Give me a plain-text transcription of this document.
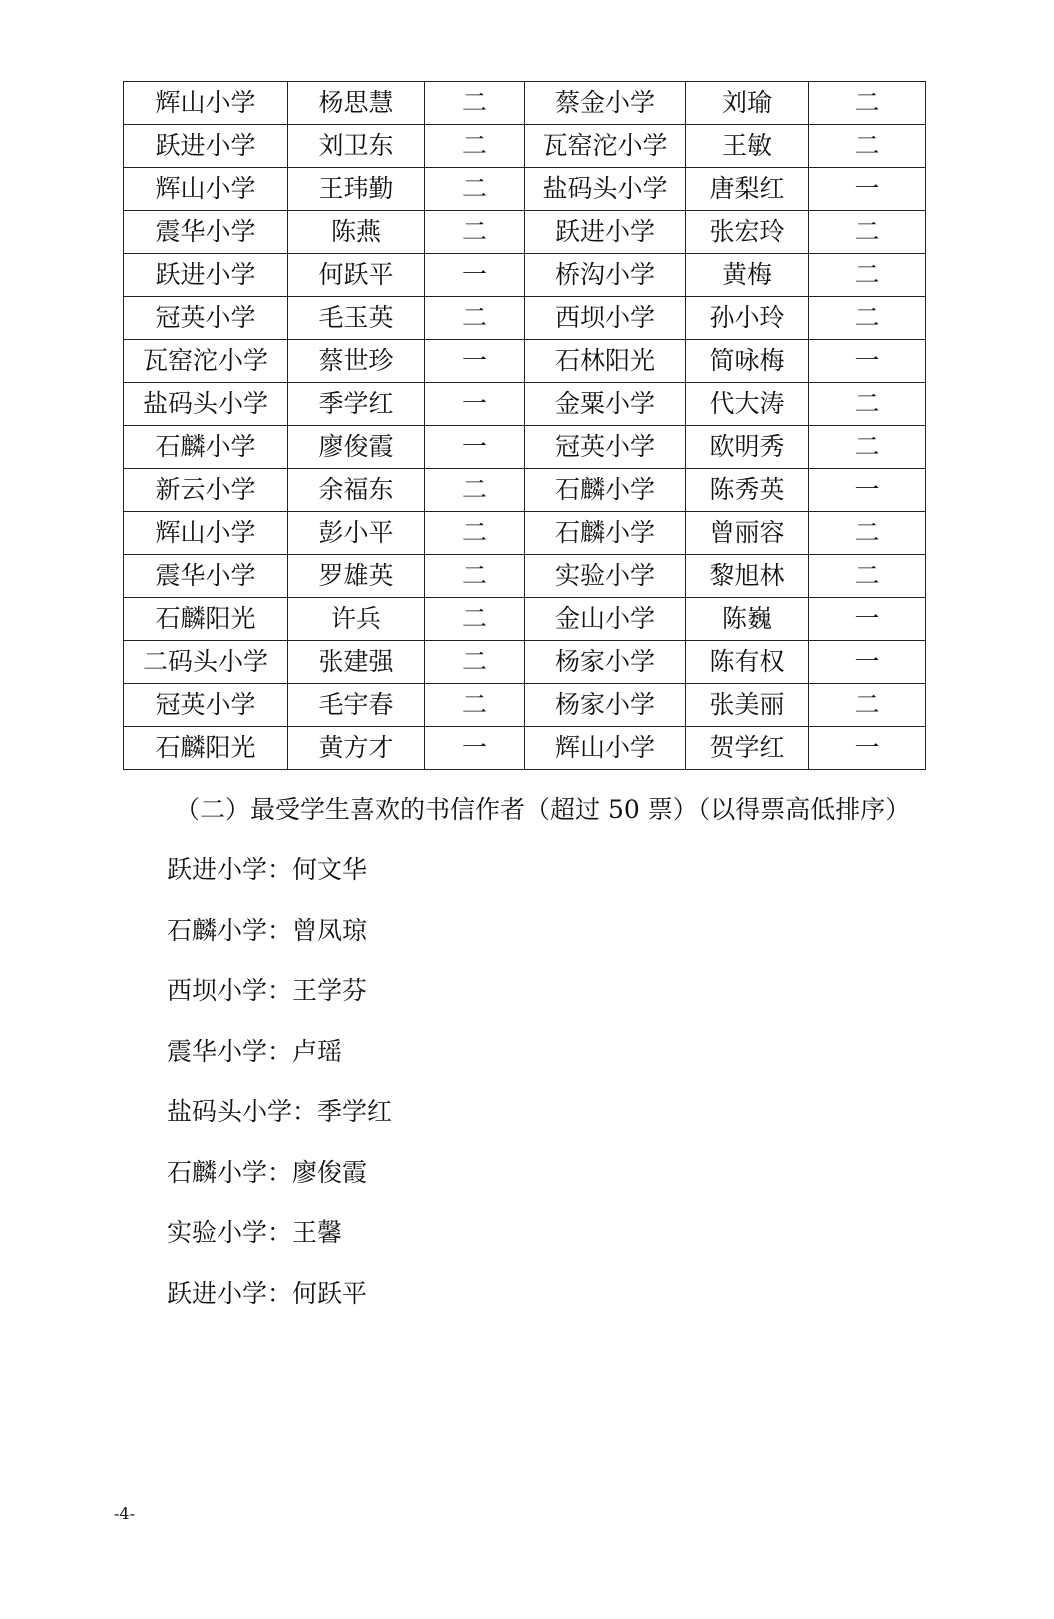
辉山小学	杨思慧	二	蔡金小学	刘瑜	二
跃进小学	刘卫东	二	瓦窑沱小学	王敏	二
辉山小学	王玮勤	二	盐码头小学	唐梨红	一
震华小学	陈燕	二	跃进小学	张宏玲	二
跃进小学	何跃平	一	桥沟小学	黄梅	二
冠英小学	毛玉英	二	西坝小学	孙小玲	二
瓦窑沱小学	蔡世珍	一	石林阳光	简咏梅	一
盐码头小学	季学红	一	金粟小学	代大涛	二
石麟小学	廖俊霞	一	冠英小学	欧明秀	二
新云小学	余福东	二	石麟小学	陈秀英	一
辉山小学	彭小平	二	石麟小学	曾丽容	二
震华小学	罗雄英	二	实验小学	黎旭林	二
石麟阳光	许兵	二	金山小学	陈巍	一
二码头小学	张建强	二	杨家小学	陈有权	一
冠英小学	毛宇春	二	杨家小学	张美丽	二
石麟阳光	黄方才	一	辉山小学	贺学红	一
（二）最受学生喜欢的书信作者（超过 50 票）（以得票高低排序）
跃进小学：何文华
石麟小学：曾凤琼
西坝小学：王学芬
震华小学：卢瑶
盐码头小学：季学红
石麟小学：廖俊霞
实验小学：王馨
跃进小学：何跃平
-4-
